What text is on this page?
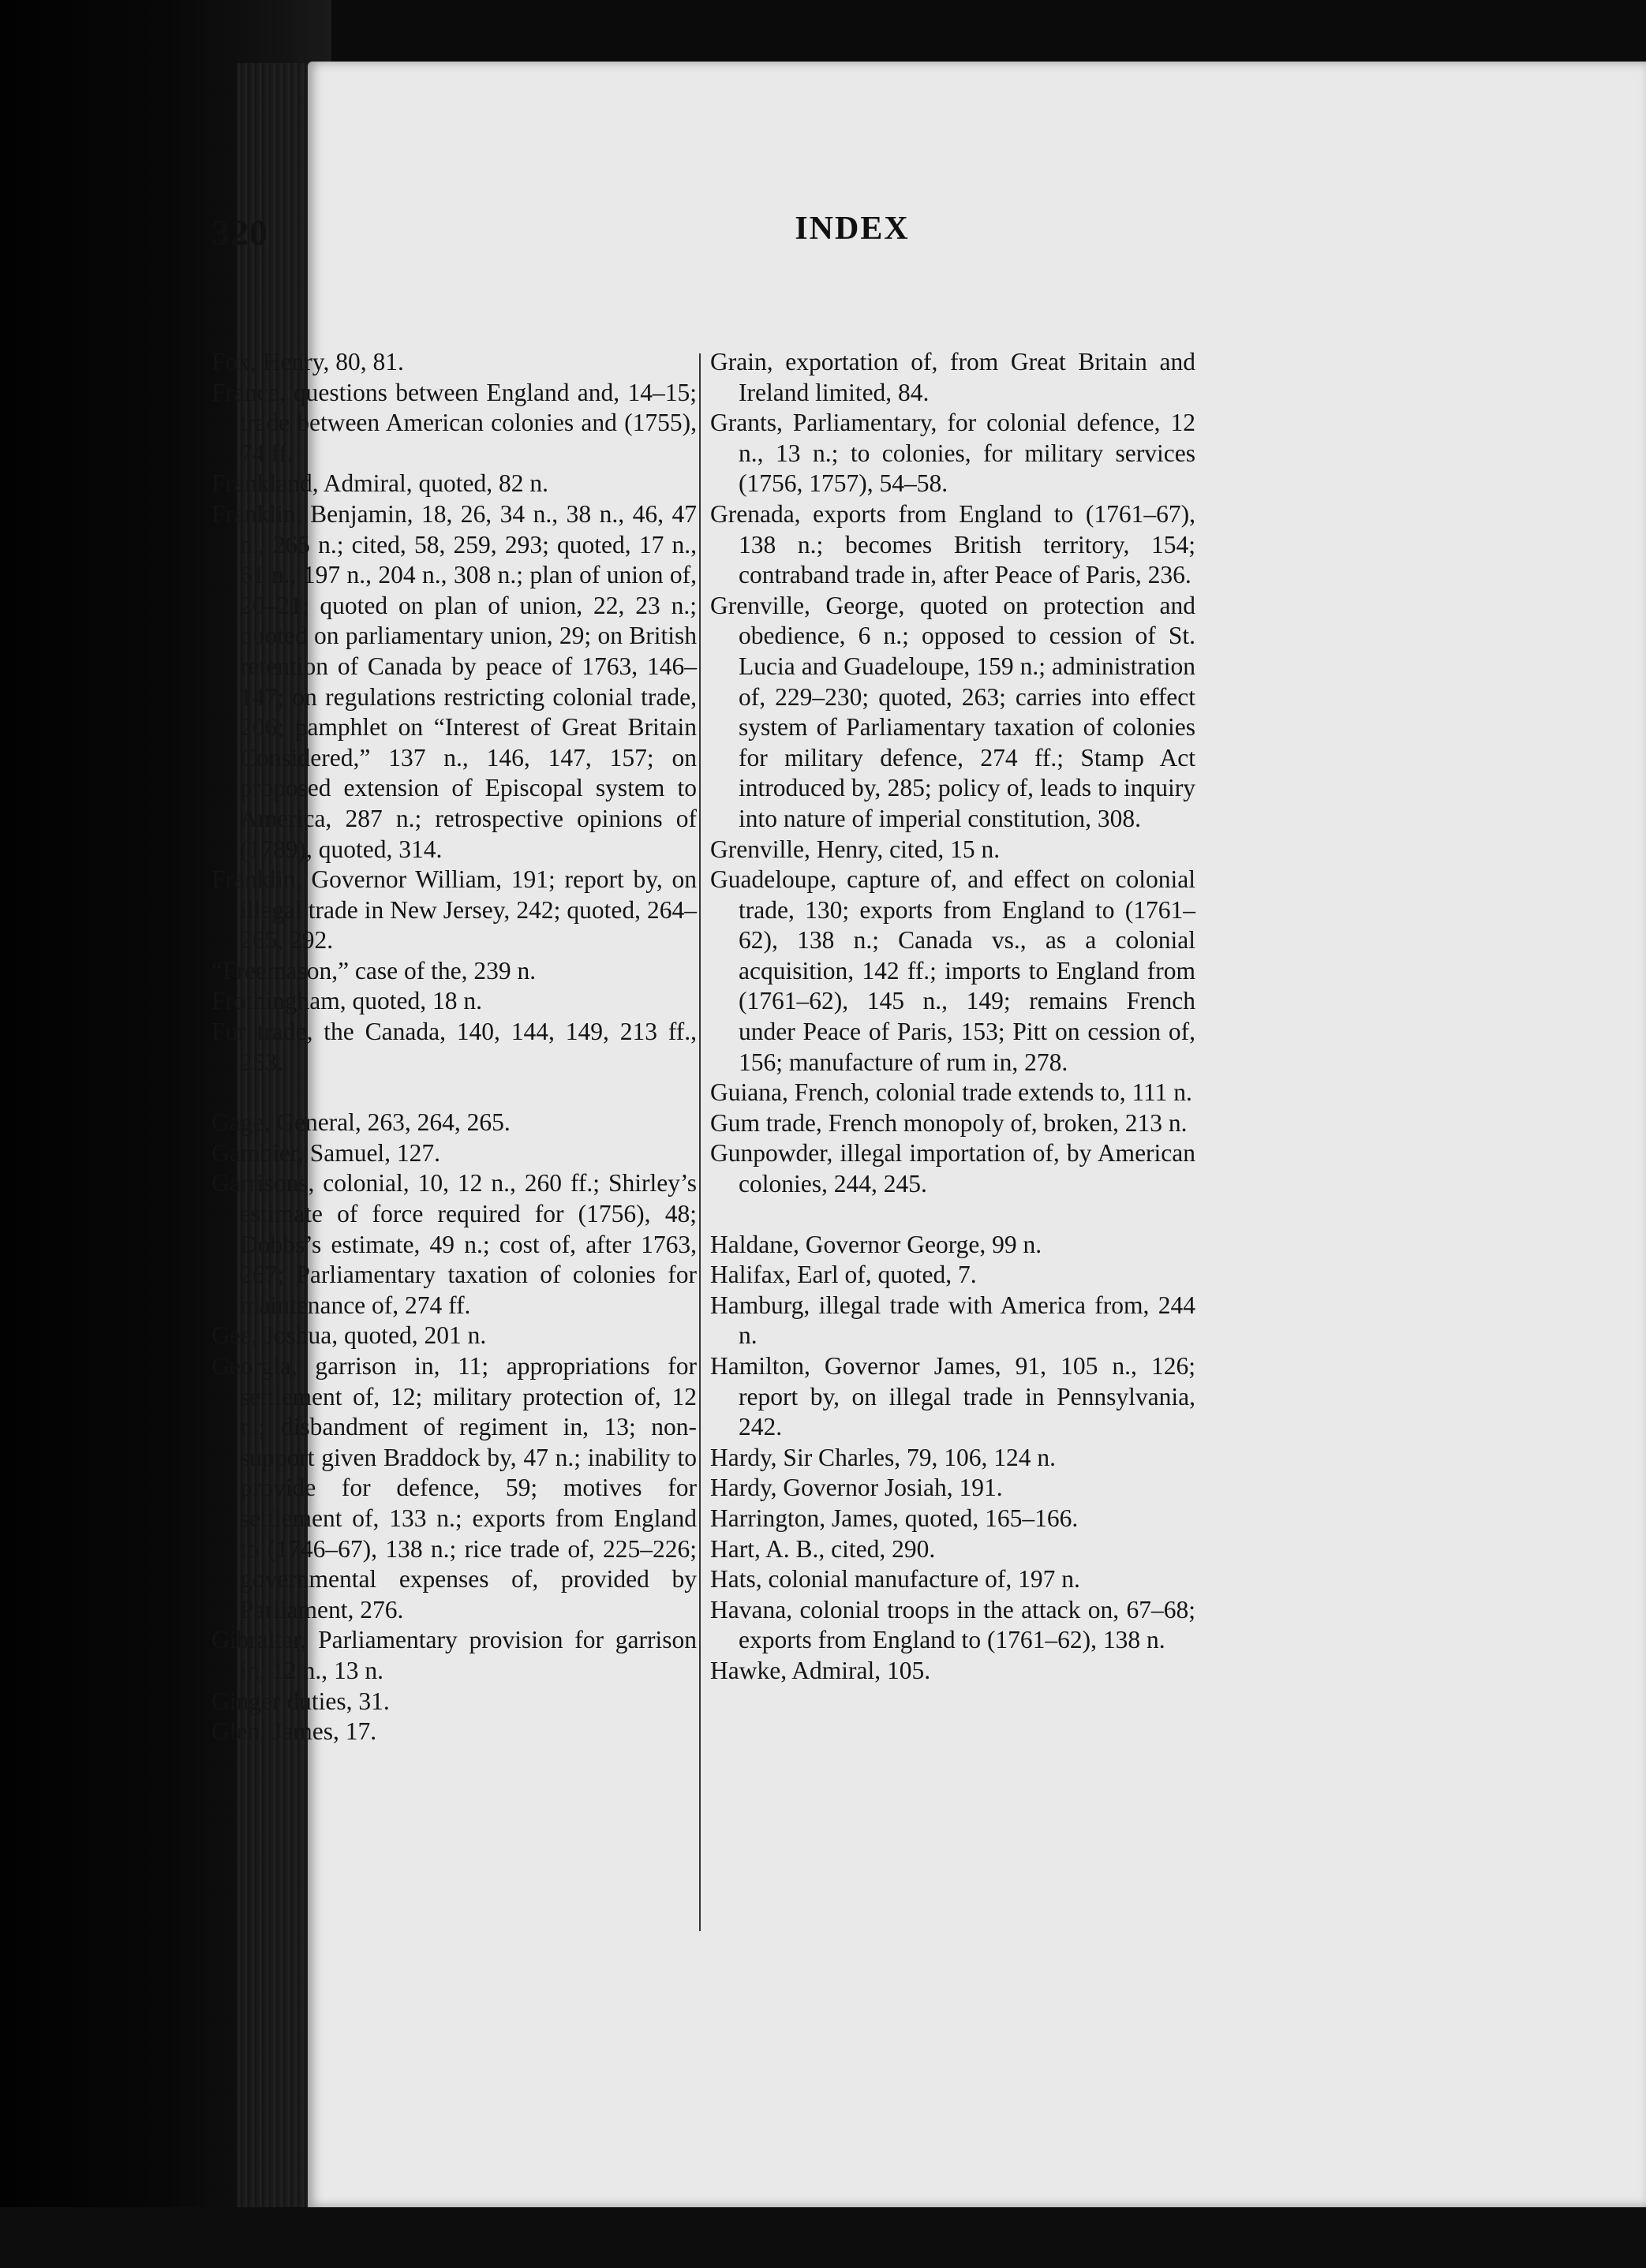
320	INDEX

Fox, Henry, 80, 81.

France, questions between England and, 14–15; trade between American colonies and (1755), 74 ff.

Frankland, Admiral, quoted, 82 n.

Franklin, Benjamin, 18, 26, 34 n., 38 n., 46, 47 n., 265 n.; cited, 58, 259, 293; quoted, 17 n., 61 n., 197 n., 204 n., 308 n.; plan of union of, 20–21; quoted on plan of union, 22, 23 n.; quoted on parliamentary union, 29; on British retention of Canada by peace of 1763, 146–147; on regulations restricting colonial trade, 206; pamphlet on “Interest of Great Britain Considered,” 137 n., 146, 147, 157; on proposed extension of Episcopal system to America, 287 n.; retrospective opinions of (1789), quoted, 314.

Franklin, Governor William, 191; report by, on illegal trade in New Jersey, 242; quoted, 264–265, 292.

“Freemason,” case of the, 239 n.

Frothingham, quoted, 18 n.

Fur trade, the Canada, 140, 144, 149, 213 ff., 253.

Gage, General, 263, 264, 265.

Gambier, Samuel, 127.

Garrisons, colonial, 10, 12 n., 260 ff.; Shirley’s estimate of force required for (1756), 48; Dobbs’s estimate, 49 n.; cost of, after 1763, 267; Parliamentary taxation of colonies for maintenance of, 274 ff.

Gee, Joshua, quoted, 201 n.

Georgia, garrison in, 11; appropriations for settlement of, 12; military protection of, 12 n.; disbandment of regiment in, 13; non-support given Braddock by, 47 n.; inability to provide for defence, 59; motives for settlement of, 133 n.; exports from England to (1746–67), 138 n.; rice trade of, 225–226; governmental expenses of, provided by Parliament, 276.

Gibraltar, Parliamentary provision for garrison in, 12 n., 13 n.

Ginger duties, 31.

Glen, James, 17.

Grain, exportation of, from Great Britain and Ireland limited, 84.

Grants, Parliamentary, for colonial defence, 12 n., 13 n.; to colonies, for military services (1756, 1757), 54–58.

Grenada, exports from England to (1761–67), 138 n.; becomes British territory, 154; contraband trade in, after Peace of Paris, 236.

Grenville, George, quoted on protection and obedience, 6 n.; opposed to cession of St. Lucia and Guadeloupe, 159 n.; administration of, 229–230; quoted, 263; carries into effect system of Parliamentary taxation of colonies for military defence, 274 ff.; Stamp Act introduced by, 285; policy of, leads to inquiry into nature of imperial constitution, 308.

Grenville, Henry, cited, 15 n.

Guadeloupe, capture of, and effect on colonial trade, 130; exports from England to (1761–62), 138 n.; Canada vs., as a colonial acquisition, 142 ff.; imports to England from (1761–62), 145 n., 149; remains French under Peace of Paris, 153; Pitt on cession of, 156; manufacture of rum in, 278.

Guiana, French, colonial trade extends to, 111 n.

Gum trade, French monopoly of, broken, 213 n.

Gunpowder, illegal importation of, by American colonies, 244, 245.

Haldane, Governor George, 99 n.

Halifax, Earl of, quoted, 7.

Hamburg, illegal trade with America from, 244 n.

Hamilton, Governor James, 91, 105 n., 126; report by, on illegal trade in Pennsylvania, 242.

Hardy, Sir Charles, 79, 106, 124 n.

Hardy, Governor Josiah, 191.

Harrington, James, quoted, 165–166.

Hart, A. B., cited, 290.

Hats, colonial manufacture of, 197 n.

Havana, colonial troops in the attack on, 67–68; exports from England to (1761–62), 138 n.

Hawke, Admiral, 105.
